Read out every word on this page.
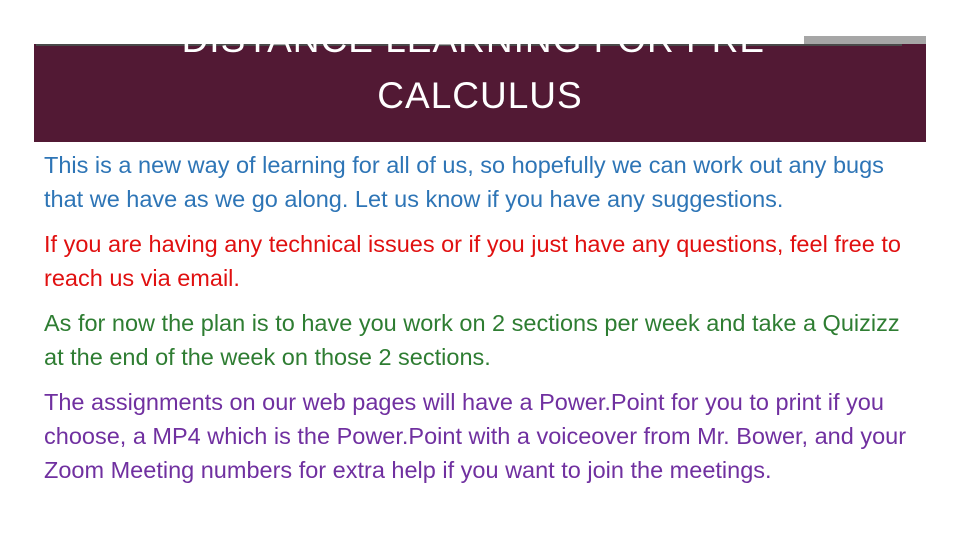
DISTANCE LEARNING FOR PRE-
CALCULUS

This is a new way of learning for all of us, so hopefully we can work out any bugs that we have as we go along. Let us know if you have any suggestions.

If you are having any technical issues or if you just have any questions, feel free to reach us via email.

As for now the plan is to have you work on 2 sections per week and take a Quizizz at the end of the week on those 2 sections.

The assignments on our web pages will have a Power.Point for you to print if you choose, a MP4 which is the Power.Point with a voiceover from Mr. Bower, and your Zoom Meeting numbers for extra help if you want to join the meetings.
